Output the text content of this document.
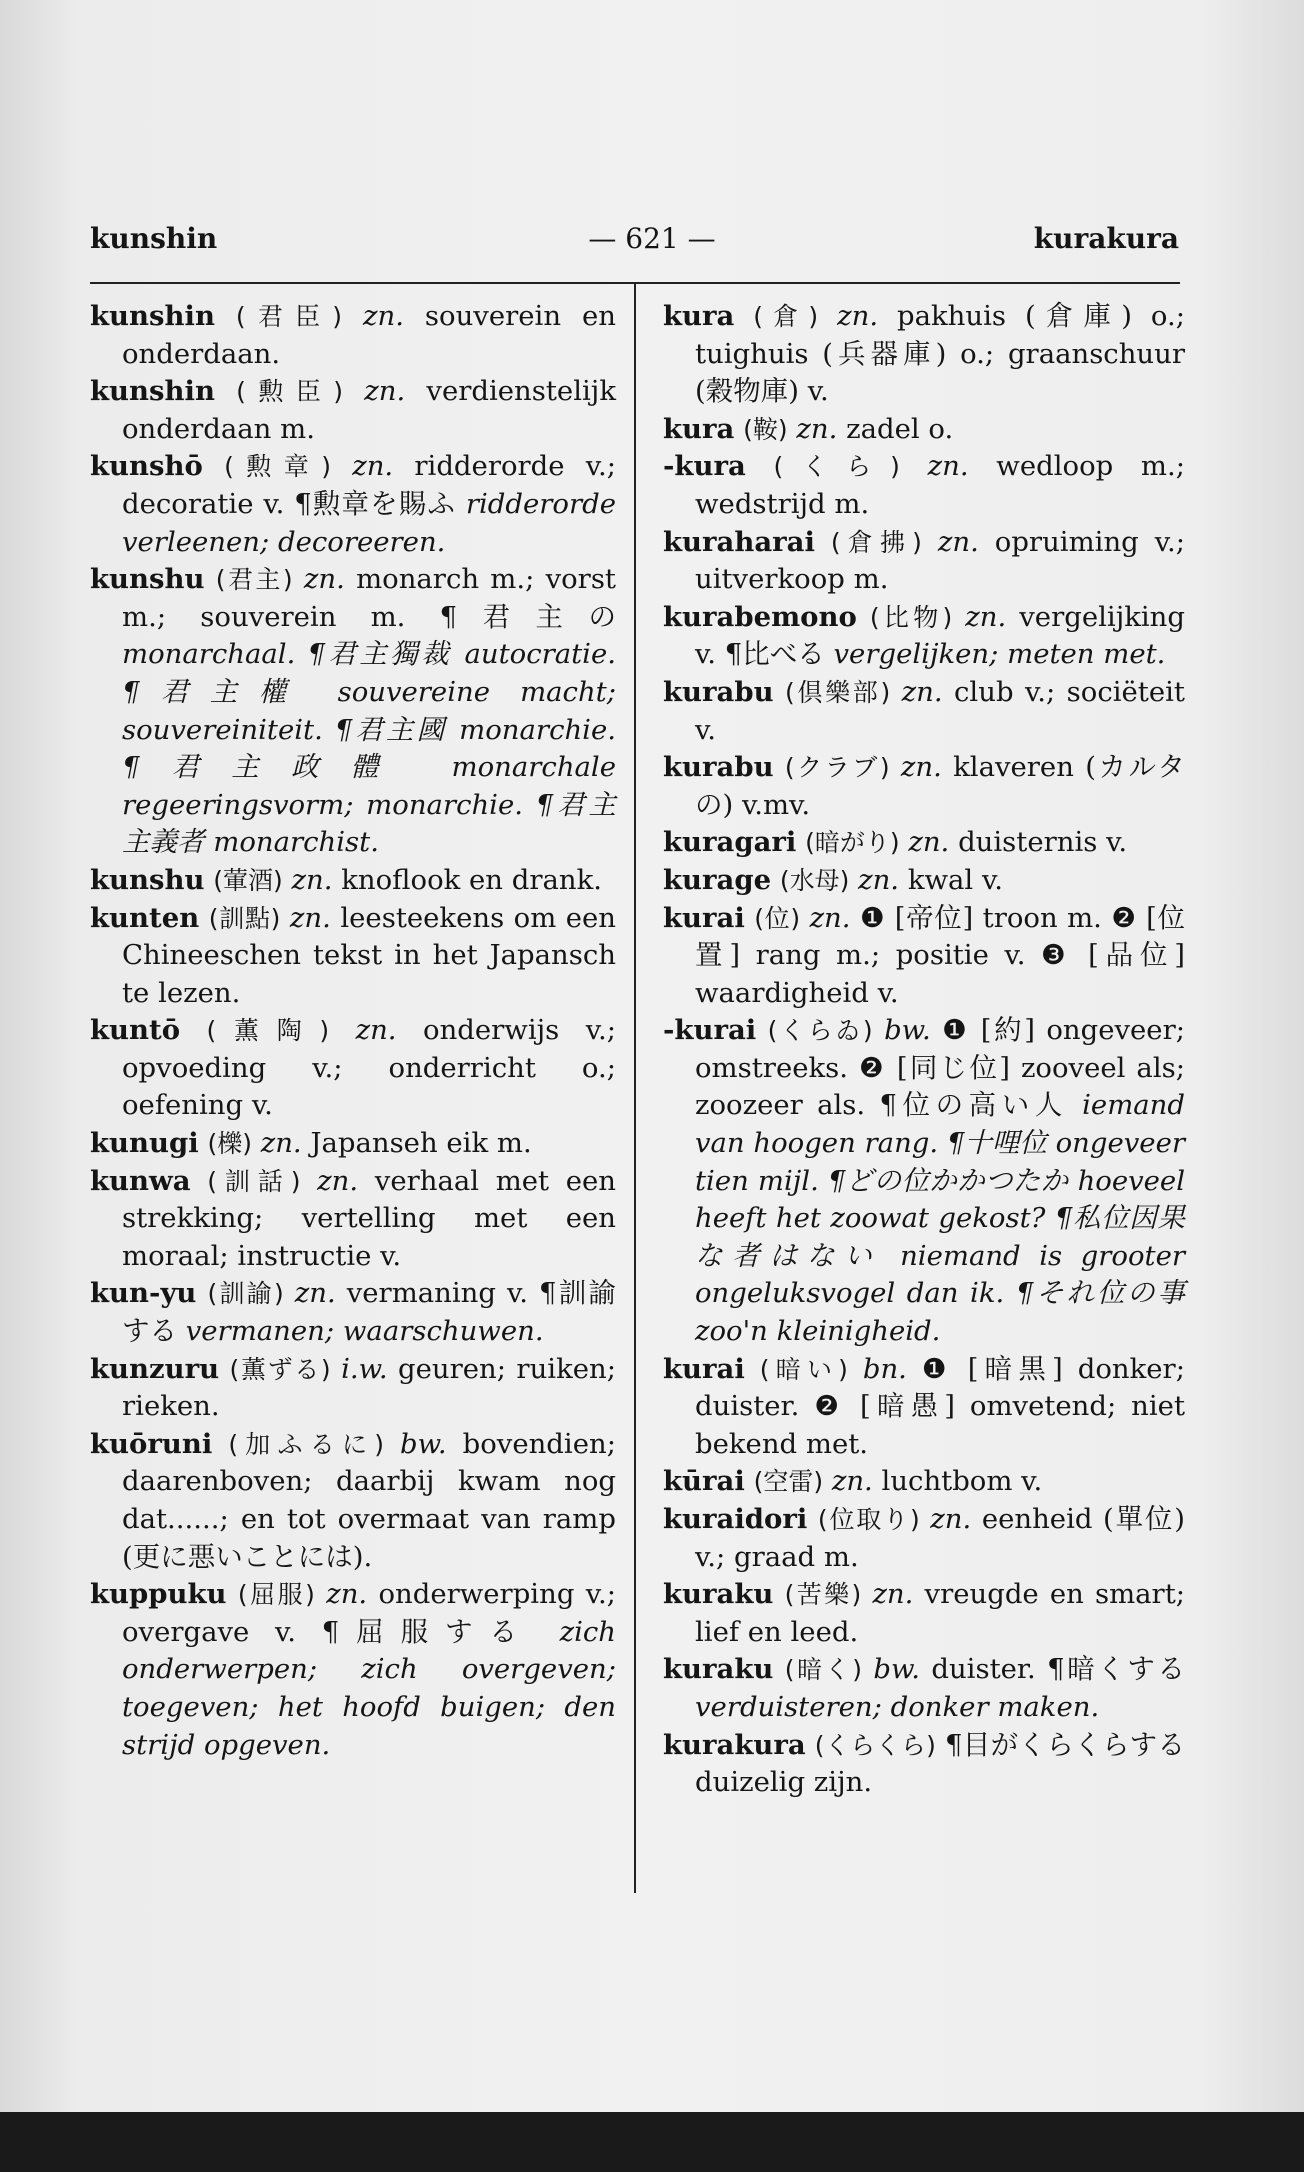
kunshin	— 621 —	kurakura

kunshin (君臣) zn. souverein en onderdaan.

kunshin (勲臣) zn. verdienstelijk onderdaan m.

kunshō (勲章) zn. ridderorde v.; decoratie v. ¶勲章を賜ふ ridderorde verleenen; decoreeren.

kunshu (君主) zn. monarch m.; vorst m.; souverein m. ¶君主の monarchaal. ¶君主獨裁 autocratie. ¶君主權 souvereine macht; souvereiniteit. ¶君主國 monarchie. ¶君主政體 monarchale regeeringsvorm; monarchie. ¶君主主義者 monarchist.

kunshu (葷酒) zn. knoflook en drank.

kunten (訓點) zn. leesteekens om een Chineeschen tekst in het Japansch te lezen.

kuntō (薫陶) zn. onderwijs v.; opvoeding v.; onderricht o.; oefening v.

kunugi (櫟) zn. Japanseh eik m.

kunwa (訓話) zn. verhaal met een strekking; vertelling met een moraal; instructie v.

kun-yu (訓諭) zn. vermaning v. ¶訓諭する vermanen; waarschuwen.

kunzuru (薫ずる) i.w. geuren; ruiken; rieken.

kuōruni (加ふるに) bw. bovendien; daarenboven; daarbij kwam nog dat......; en tot overmaat van ramp (更に悪いことには).

kuppuku (屈服) zn. onderwerping v.; overgave v. ¶屈服する zich onderwerpen; zich overgeven; toegeven; het hoofd buigen; den strijd opgeven.

kura (倉) zn. pakhuis (倉庫) o.; tuighuis (兵器庫) o.; graanschuur (穀物庫) v.

kura (鞍) zn. zadel o.

-kura (くら) zn. wedloop m.; wedstrijd m.

kuraharai (倉拂) zn. opruiming v.; uitverkoop m.

kurabemono (比物) zn. vergelijking v. ¶比べる vergelijken; meten met.

kurabu (倶樂部) zn. club v.; sociëteit v.

kurabu (クラブ) zn. klaveren (カルタの) v.mv.

kuragari (暗がり) zn. duisternis v.

kurage (水母) zn. kwal v.

kurai (位) zn. ❶ [帝位] troon m. ❷ [位置] rang m.; positie v. ❸ [品位] waardigheid v.

-kurai (くらゐ) bw. ❶ [約] ongeveer; omstreeks. ❷ [同じ位] zooveel als; zoozeer als. ¶位の高い人 iemand van hoogen rang. ¶十哩位 ongeveer tien mijl. ¶どの位かかつたか hoeveel heeft het zoowat gekost? ¶私位因果な者はない niemand is grooter ongeluksvogel dan ik. ¶それ位の事 zoo'n kleinigheid.

kurai (暗い) bn. ❶ [暗黒] donker; duister. ❷ [暗愚] omvetend; niet bekend met.

kūrai (空雷) zn. luchtbom v.

kuraidori (位取り) zn. eenheid (單位) v.; graad m.

kuraku (苦樂) zn. vreugde en smart; lief en leed.

kuraku (暗く) bw. duister. ¶暗くする verduisteren; donker maken.

kurakura (くらくら) ¶目がくらくらする duizelig zijn.
